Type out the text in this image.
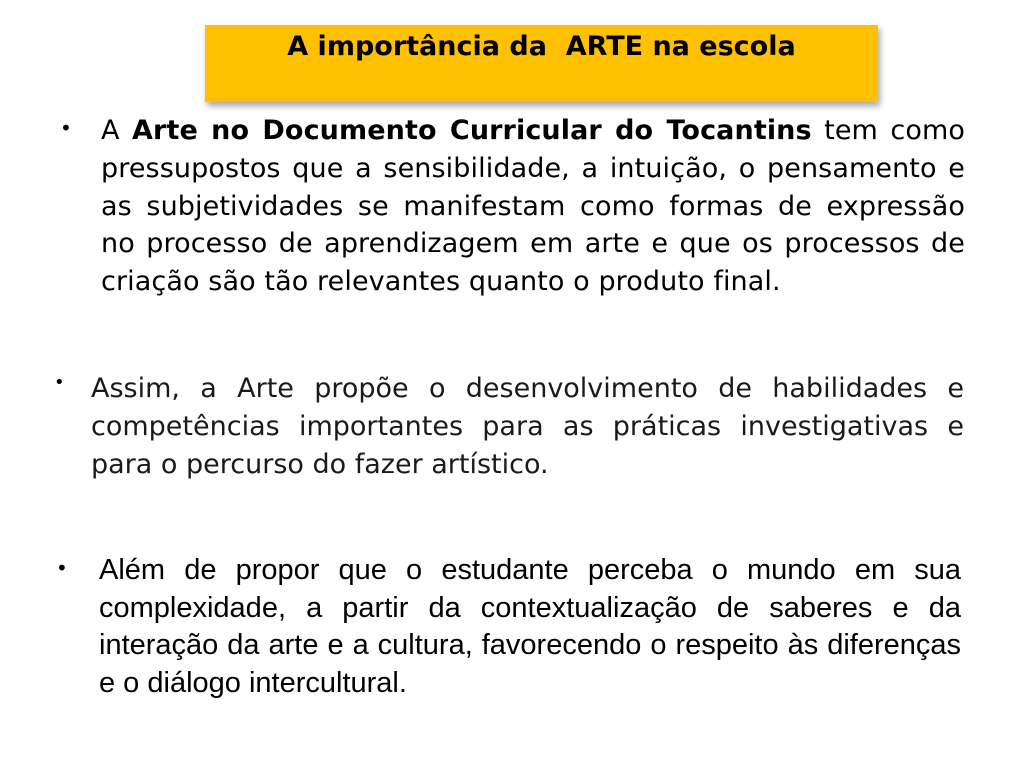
A importância da  ARTE na escola
• A Arte no Documento Curricular do Tocantins tem como pressupostos que a sensibilidade, a intuição, o pensamento e as subjetividades se manifestam como formas de expressão no processo de aprendizagem em arte e que os processos de criação são tão relevantes quanto o produto final.

• Assim, a Arte propõe o desenvolvimento de habilidades e competências importantes para as práticas investigativas e para o percurso do fazer artístico.

• Além de propor que o estudante perceba o mundo em sua complexidade, a partir da contextualização de saberes e da interação da arte e a cultura, favorecendo o respeito às diferenças e o diálogo intercultural.
